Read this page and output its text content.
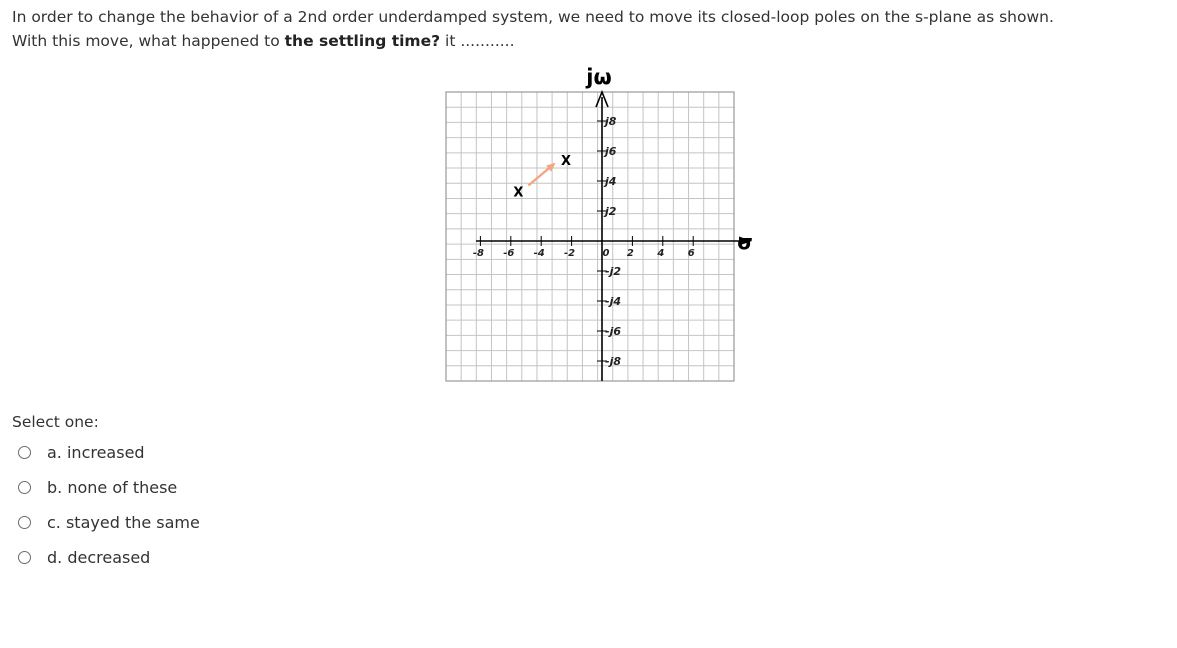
In order to change the behavior of a 2nd order underdamped system, we need to move its closed-loop poles on the s-plane as shown.
With this move, what happened to the settling time? it ...........
jω
σ
-8 -6 -4 -2	0 2 4 6
j8
j6
j4
j2
-j2
-j4
-j6
-j8
X
X
Select one:
a. increased
b. none of these
c. stayed the same
d. decreased
